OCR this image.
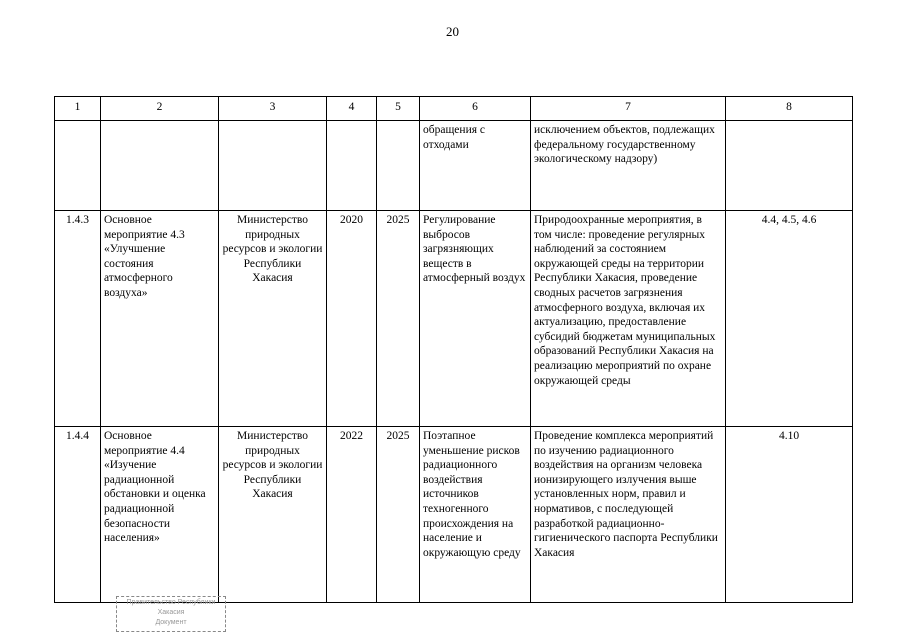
20
1	2	3	4	5	6	7	8
					обращения с отходами	исключением объектов, подлежащих федеральному государственному экологическому надзору)	
1.4.3	Основное мероприятие 4.3 «Улучшение состояния атмосферного воздуха»	Министерство природных ресурсов и экологии Республики Хакасия	2020	2025	Регулирование выбросов загрязняющих веществ в атмосферный воздух	Природоохранные мероприятия, в том числе: проведение регулярных наблюдений за состоянием окружающей среды на территории Республики Хакасия, проведение сводных расчетов загрязнения атмосферного воздуха, включая их актуализацию, предоставление субсидий бюджетам муниципальных образований Республики Хакасия на реализацию мероприятий по охране окружающей среды	4.4, 4.5, 4.6
1.4.4	Основное мероприятие 4.4 «Изучение радиационной обстановки и оценка радиационной безопасности населения»	Министерство природных ресурсов и экологии Республики Хакасия	2022	2025	Поэтапное уменьшение рисков радиационного воздействия источников техногенного происхождения на население и окружающую среду	Проведение комплекса мероприятий по изучению радиационного воздействия на организм человека ионизирующего излучения выше установленных норм, правил и нормативов, с последующей разработкой радиационно-гигиенического паспорта Республики Хакасия	4.10
Правительство Республики
Хакасия
Документ
